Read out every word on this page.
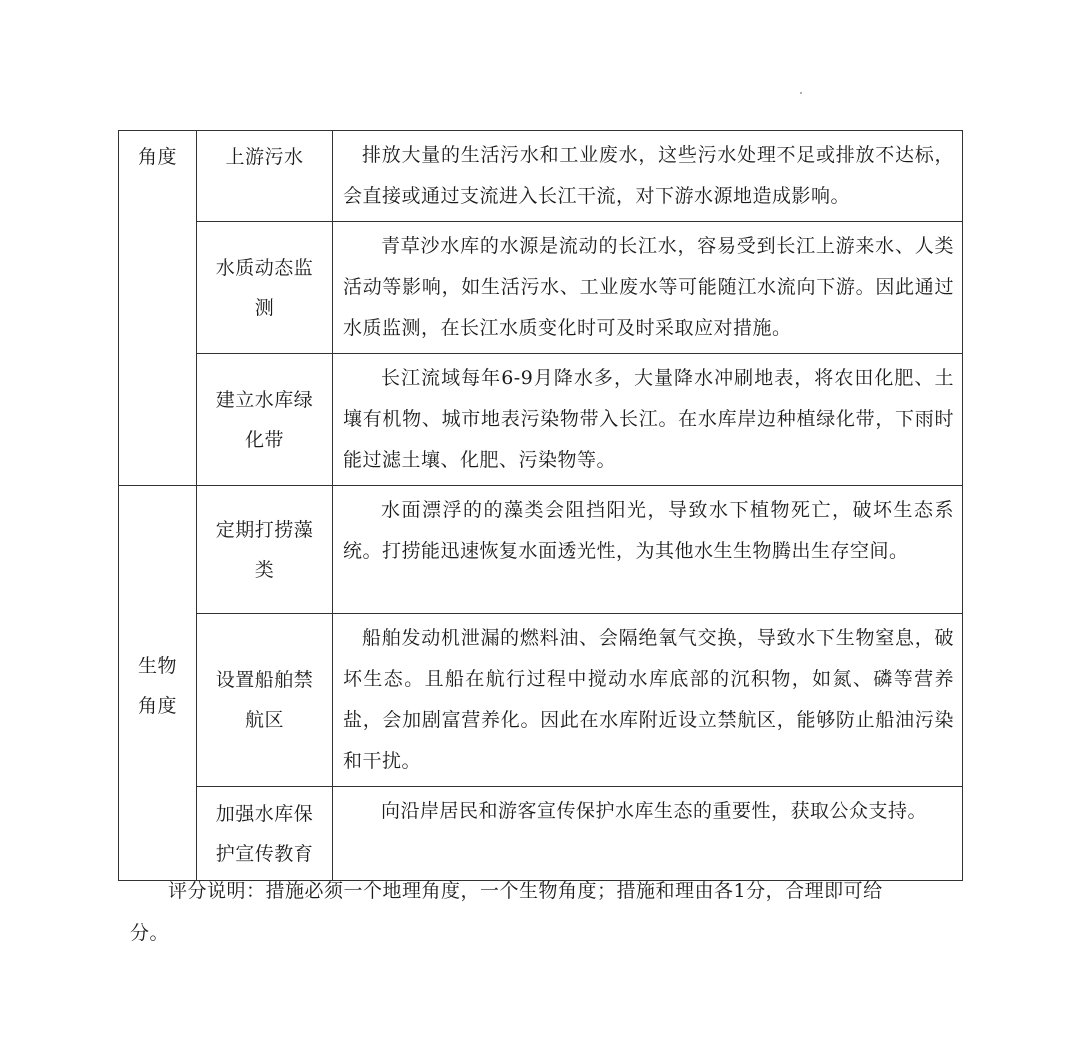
角度	上游污水	排放大量的生活污水和工业废水，这些污水处理不足或排放不达标，会直接或通过支流进入长江干流，对下游水源地造成影响。

	水质动态监测	青草沙水库的水源是流动的长江水，容易受到长江上游来水、人类活动等影响，如生活污水、工业废水等可能随江水流向下游。因此通过水质监测，在长江水质变化时可及时采取应对措施。

	建立水库绿化带	长江流域每年6-9月降水多，大量降水冲刷地表，将农田化肥、土壤有机物、城市地表污染物带入长江。在水库岸边种植绿化带，下雨时能过滤土壤、化肥、污染物等。

生物角度	定期打捞藻类	水面漂浮的的藻类会阻挡阳光，导致水下植物死亡，破坏生态系统。打捞能迅速恢复水面透光性，为其他水生生物腾出生存空间。

	设置船舶禁航区	船舶发动机泄漏的燃料油、会隔绝氧气交换，导致水下生物窒息，破坏生态。且船在航行过程中搅动水库底部的沉积物，如氮、磷等营养盐，会加剧富营养化。因此在水库附近设立禁航区，能够防止船油污染和干扰。

	加强水库保护宣传教育	向沿岸居民和游客宣传保护水库生态的重要性，获取公众支持。
评分说明：措施必须一个地理角度，一个生物角度；措施和理由各1分，合理即可给分。
